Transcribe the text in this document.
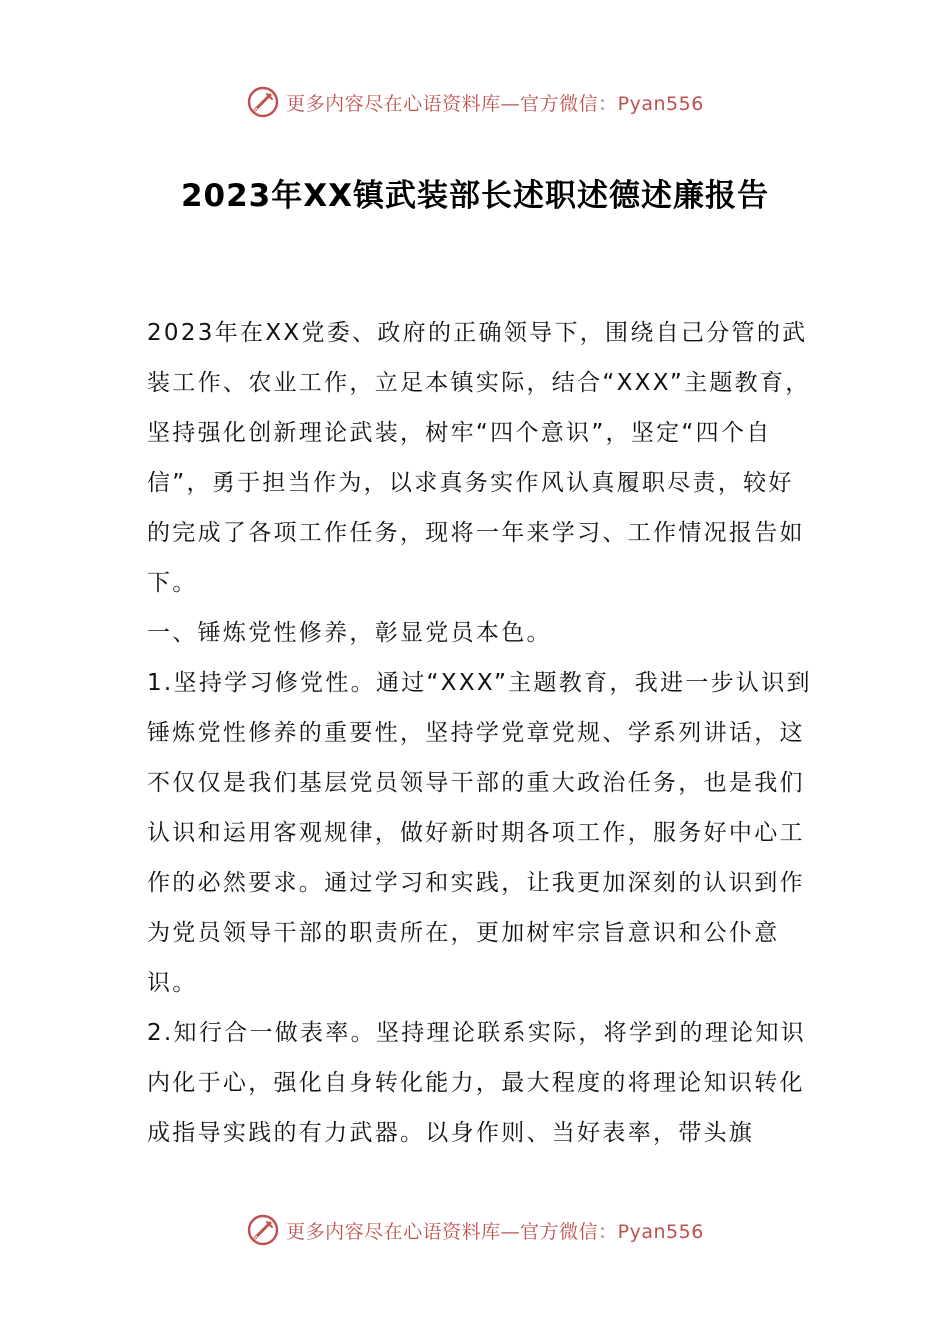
更多内容尽在心语资料库—官方微信：Pyan556
2023年XX镇武装部长述职述德述廉报告

2023年在XX党委、政府的正确领导下，围绕自己分管的武装工作、农业工作，立足本镇实际，结合“XXX”主题教育，坚持强化创新理论武装，树牢“四个意识”，坚定“四个自信”，勇于担当作为，以求真务实作风认真履职尽责，较好的完成了各项工作任务，现将一年来学习、工作情况报告如下。

一、锤炼党性修养，彰显党员本色。

1.坚持学习修党性。通过“XXX”主题教育，我进一步认识到锤炼党性修养的重要性，坚持学党章党规、学系列讲话，这不仅仅是我们基层党员领导干部的重大政治任务，也是我们认识和运用客观规律，做好新时期各项工作，服务好中心工作的必然要求。通过学习和实践，让我更加深刻的认识到作为党员领导干部的职责所在，更加树牢宗旨意识和公仆意识。

2.知行合一做表率。坚持理论联系实际，将学到的理论知识内化于心，强化自身转化能力，最大程度的将理论知识转化成指导实践的有力武器。以身作则、当好表率，带头旗

更多内容尽在心语资料库—官方微信：Pyan556
